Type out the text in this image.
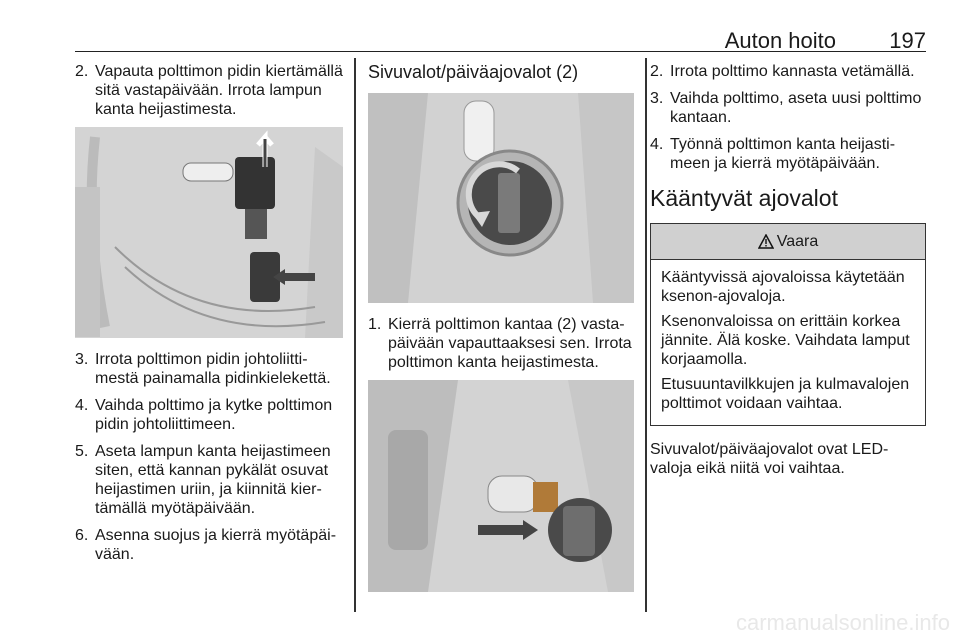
Auton hoito 197
2. Vapauta polttimon pidin kiertämällä sitä vastapäivään. Irrota lampun kanta heijastimesta.
3. Irrota polttimon pidin johtoliittimestä painamalla pidinkielekettä.
4. Vaihda polttimo ja kytke polttimon pidin johtoliittimeen.
5. Aseta lampun kanta heijastimeen siten, että kannan pykälät osuvat heijastimen uriin, ja kiinnitä kiertämällä myötäpäivään.
6. Asenna suojus ja kierrä myötäpäivään.
Sivuvalot/päiväajovalot (2)
1. Kierrä polttimon kantaa (2) vastapäivään vapauttaaksesi sen. Irrota polttimon kanta heijastimesta.
2. Irrota polttimo kannasta vetämällä.
3. Vaihda polttimo, aseta uusi polttimo kantaan.
4. Työnnä polttimon kanta heijastimeen ja kierrä myötäpäivään.
Kääntyvät ajovalot
Vaara

Kääntyvissä ajovaloissa käytetään ksenon-ajovaloja.

Ksenonvaloissa on erittäin korkea jännite. Älä koske. Vaihdata lamput korjaamolla.

Etusuuntavilkkujen ja kulmavalojen polttimot voidaan vaihtaa.

Sivuvalot/päiväajovalot ovat LED-valoja eikä niitä voi vaihtaa.
carmanualsonline.info
